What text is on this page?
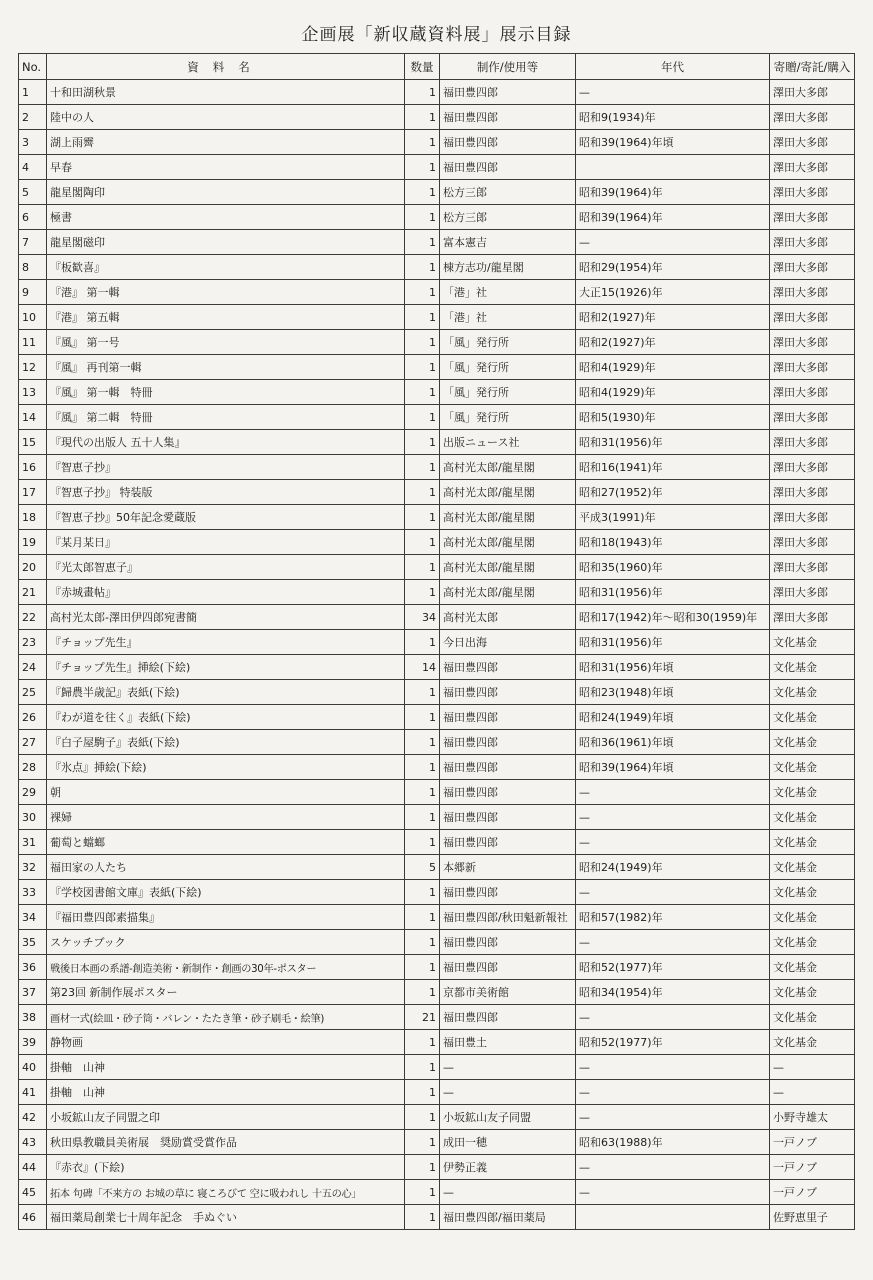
企画展「新収蔵資料展」展示目録
No.	資料名	数量	制作/使用等	年代	寄贈/寄託/購入
1	十和田湖秋景	1	福田豊四郎	—	澤田大多郎
2	陸中の人	1	福田豊四郎	昭和9(1934)年	澤田大多郎
3	湖上雨霽	1	福田豊四郎	昭和39(1964)年頃	澤田大多郎
4	早春	1	福田豊四郎		澤田大多郎
5	龍星閣陶印	1	松方三郎	昭和39(1964)年	澤田大多郎
6	極書	1	松方三郎	昭和39(1964)年	澤田大多郎
7	龍星閣磁印	1	富本憲吉	—	澤田大多郎
8	『板歓喜』	1	棟方志功/龍星閣	昭和29(1954)年	澤田大多郎
9	『港』 第一輯	1	「港」社	大正15(1926)年	澤田大多郎
10	『港』 第五輯	1	「港」社	昭和2(1927)年	澤田大多郎
11	『風』 第一号	1	「風」発行所	昭和2(1927)年	澤田大多郎
12	『風』 再刊第一輯	1	「風」発行所	昭和4(1929)年	澤田大多郎
13	『風』 第一輯　特冊	1	「風」発行所	昭和4(1929)年	澤田大多郎
14	『風』 第二輯　特冊	1	「風」発行所	昭和5(1930)年	澤田大多郎
15	『現代の出版人 五十人集』	1	出版ニュース社	昭和31(1956)年	澤田大多郎
16	『智恵子抄』	1	高村光太郎/龍星閣	昭和16(1941)年	澤田大多郎
17	『智恵子抄』 特装版	1	高村光太郎/龍星閣	昭和27(1952)年	澤田大多郎
18	『智恵子抄』50年記念愛蔵版	1	高村光太郎/龍星閣	平成3(1991)年	澤田大多郎
19	『某月某日』	1	高村光太郎/龍星閣	昭和18(1943)年	澤田大多郎
20	『光太郎智恵子』	1	高村光太郎/龍星閣	昭和35(1960)年	澤田大多郎
21	『赤城畫帖』	1	高村光太郎/龍星閣	昭和31(1956)年	澤田大多郎
22	高村光太郎-澤田伊四郎宛書簡	34	高村光太郎	昭和17(1942)年〜昭和30(1959)年	澤田大多郎
23	『チョップ先生』	1	今日出海	昭和31(1956)年	文化基金
24	『チョップ先生』挿絵(下絵)	14	福田豊四郎	昭和31(1956)年頃	文化基金
25	『歸農半歳記』表紙(下絵)	1	福田豊四郎	昭和23(1948)年頃	文化基金
26	『わが道を往く』表紙(下絵)	1	福田豊四郎	昭和24(1949)年頃	文化基金
27	『白子屋駒子』表紙(下絵)	1	福田豊四郎	昭和36(1961)年頃	文化基金
28	『氷点』挿絵(下絵)	1	福田豊四郎	昭和39(1964)年頃	文化基金
29	朝	1	福田豊四郎	—	文化基金
30	裸婦	1	福田豊四郎	—	文化基金
31	葡萄と蟷螂	1	福田豊四郎	—	文化基金
32	福田家の人たち	5	本郷新	昭和24(1949)年	文化基金
33	『学校図書館文庫』表紙(下絵)	1	福田豊四郎	—	文化基金
34	『福田豊四郎素描集』	1	福田豊四郎/秋田魁新報社	昭和57(1982)年	文化基金
35	スケッチブック	1	福田豊四郎	—	文化基金
36	戦後日本画の系譜-創造美術・新制作・創画の30年-ポスター	1	福田豊四郎	昭和52(1977)年	文化基金
37	第23回 新制作展ポスター	1	京都市美術館	昭和34(1954)年	文化基金
38	画材一式(絵皿・砂子筒・バレン・たたき筆・砂子刷毛・絵筆)	21	福田豊四郎	—	文化基金
39	静物画	1	福田豊土	昭和52(1977)年	文化基金
40	掛軸　山神	1	—	—	—
41	掛軸　山神	1	—	—	—
42	小坂鉱山友子同盟之印	1	小坂鉱山友子同盟	—	小野寺雄太
43	秋田県教職員美術展　奨励賞受賞作品	1	成田一穂	昭和63(1988)年	一戸ノブ
44	『赤衣』(下絵)	1	伊勢正義	—	一戸ノブ
45	拓本 句碑「不来方の お城の草に 寝ころびて 空に吸われし 十五の心」	1	—	—	一戸ノブ
46	福田薬局創業七十周年記念　手ぬぐい	1	福田豊四郎/福田薬局		佐野恵里子
